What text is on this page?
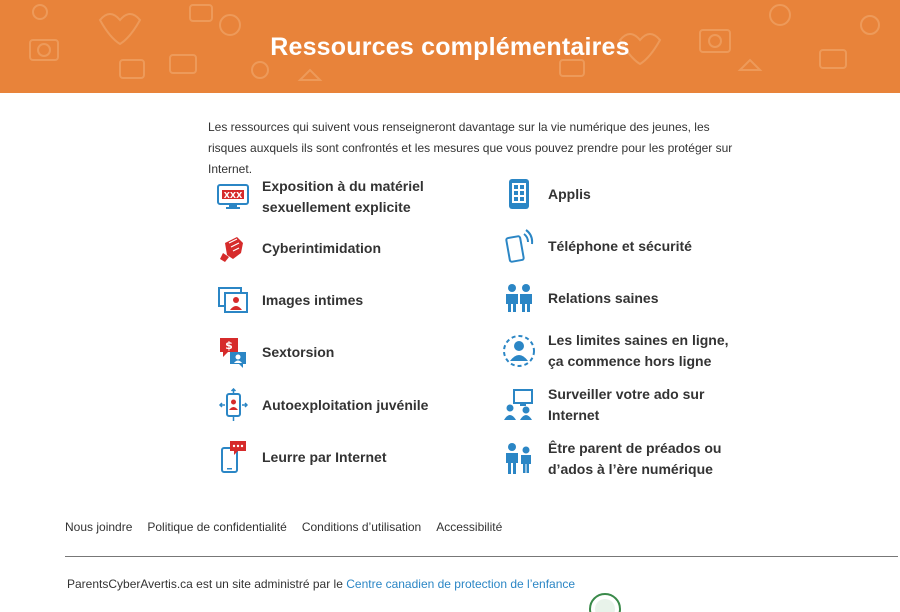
Ressources complémentaires
Les ressources qui suivent vous renseigneront davantage sur la vie numérique des jeunes, les risques auxquels ils sont confrontés et les mesures que vous pouvez prendre pour les protéger sur Internet.
XXX
Exposition à du matériel sexuellement explicite
Cyberintimidation
Images intimes
$ Sextorsion
Autoexploitation juvénile
Leurre par Internet
Applis
Téléphone et sécurité
Relations saines
Les limites saines en ligne, ça commence hors ligne
Surveiller votre ado sur Internet
Être parent de préados ou d’ados à l’ère numérique
Nous joindre Politique de confidentialité Conditions d’utilisation Accessibilité
ParentsCyberAvertis.ca est un site administré par le Centre canadien de protection de l’enfance
